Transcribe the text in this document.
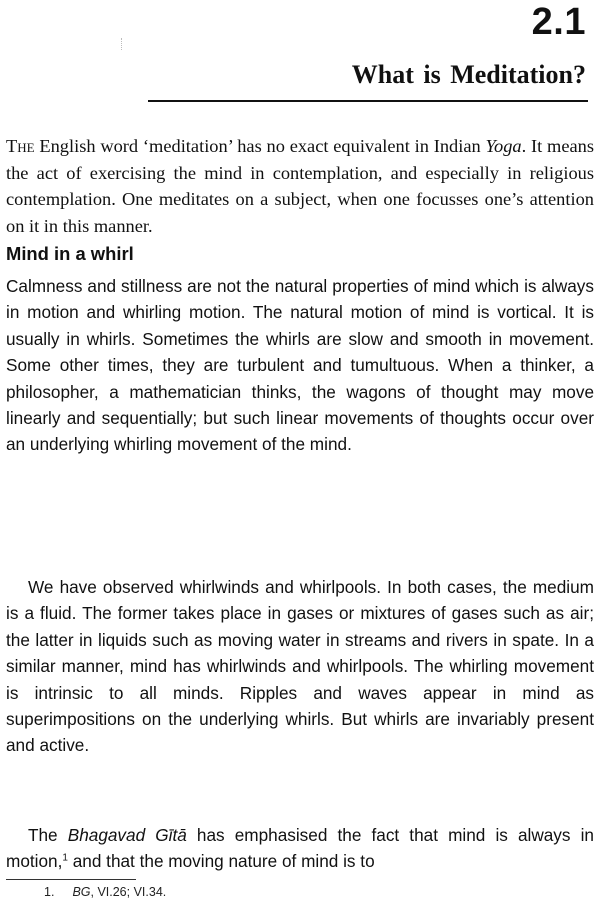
2.1
What is Meditation?

The English word ‘meditation’ has no exact equivalent in Indian Yoga. It means the act of exercising the mind in contemplation, and especially in religious contemplation. One meditates on a subject, when one focusses one’s attention on it in this manner.

Mind in a whirl

Calmness and stillness are not the natural properties of mind which is always in motion and whirling motion. The natural motion of mind is vortical. It is usually in whirls. Sometimes the whirls are slow and smooth in movement. Some other times, they are turbulent and tumultuous. When a thinker, a philosopher, a mathematician thinks, the wagons of thought may move linearly and sequentially; but such linear movements of thoughts occur over an underlying whirling movement of the mind.

We have observed whirlwinds and whirlpools. In both cases, the medium is a fluid. The former takes place in gases or mixtures of gases such as air; the latter in liquids such as moving water in streams and rivers in spate. In a similar manner, mind has whirlwinds and whirlpools. The whirling movement is intrinsic to all minds. Ripples and waves appear in mind as superimpositions on the underlying whirls. But whirls are invariably present and active.

The Bhagavad Gītā has emphasised the fact that mind is always in motion,$^1$ and that the moving nature of mind is to

1. BG, VI.26; VI.34.
